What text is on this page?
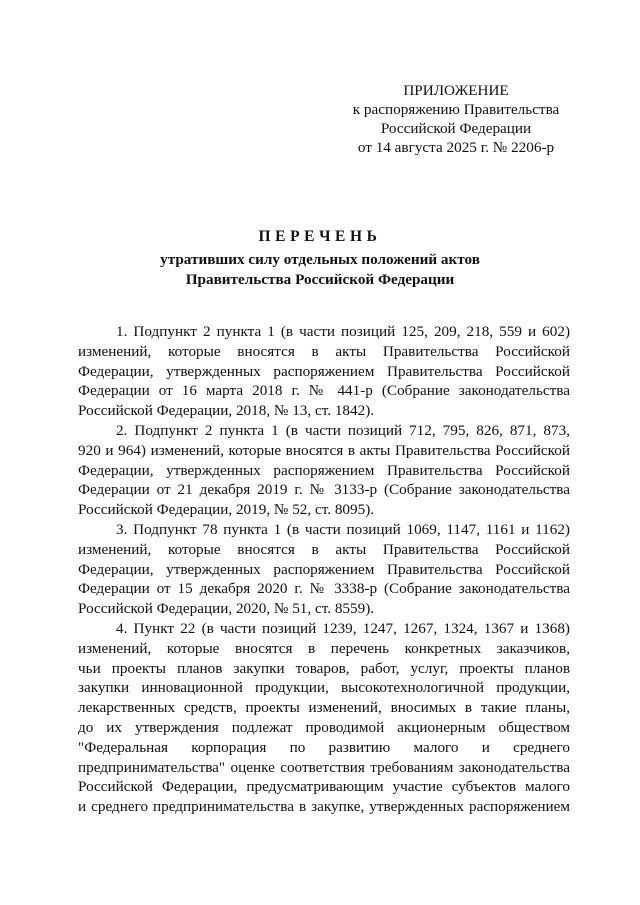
ПРИЛОЖЕНИЕ
к распоряжению Правительства
Российской Федерации
от 14 августа 2025 г. № 2206-р
ПЕРЕЧЕНЬ
утративших силу отдельных положений актов
Правительства Российской Федерации
1. Подпункт 2 пункта 1 (в части позиций 125, 209, 218, 559 и 602)
изменений, которые вносятся в акты Правительства Российской
Федерации, утвержденных распоряжением Правительства Российской
Федерации от 16 марта 2018 г. № 441-р (Собрание законодательства
Российской Федерации, 2018, № 13, ст. 1842).
2. Подпункт 2 пункта 1 (в части позиций 712, 795, 826, 871, 873,
920 и 964) изменений, которые вносятся в акты Правительства Российской
Федерации, утвержденных распоряжением Правительства Российской
Федерации от 21 декабря 2019 г. № 3133-р (Собрание законодательства
Российской Федерации, 2019, № 52, ст. 8095).
3. Подпункт 78 пункта 1 (в части позиций 1069, 1147, 1161 и 1162)
изменений, которые вносятся в акты Правительства Российской
Федерации, утвержденных распоряжением Правительства Российской
Федерации от 15 декабря 2020 г. № 3338-р (Собрание законодательства
Российской Федерации, 2020, № 51, ст. 8559).
4. Пункт 22 (в части позиций 1239, 1247, 1267, 1324, 1367 и 1368)
изменений, которые вносятся в перечень конкретных заказчиков,
чьи проекты планов закупки товаров, работ, услуг, проекты планов
закупки инновационной продукции, высокотехнологичной продукции,
лекарственных средств, проекты изменений, вносимых в такие планы,
до их утверждения подлежат проводимой акционерным обществом
"Федеральная корпорация по развитию малого и среднего
предпринимательства" оценке соответствия требованиям законодательства
Российской Федерации, предусматривающим участие субъектов малого
и среднего предпринимательства в закупке, утвержденных распоряжением
